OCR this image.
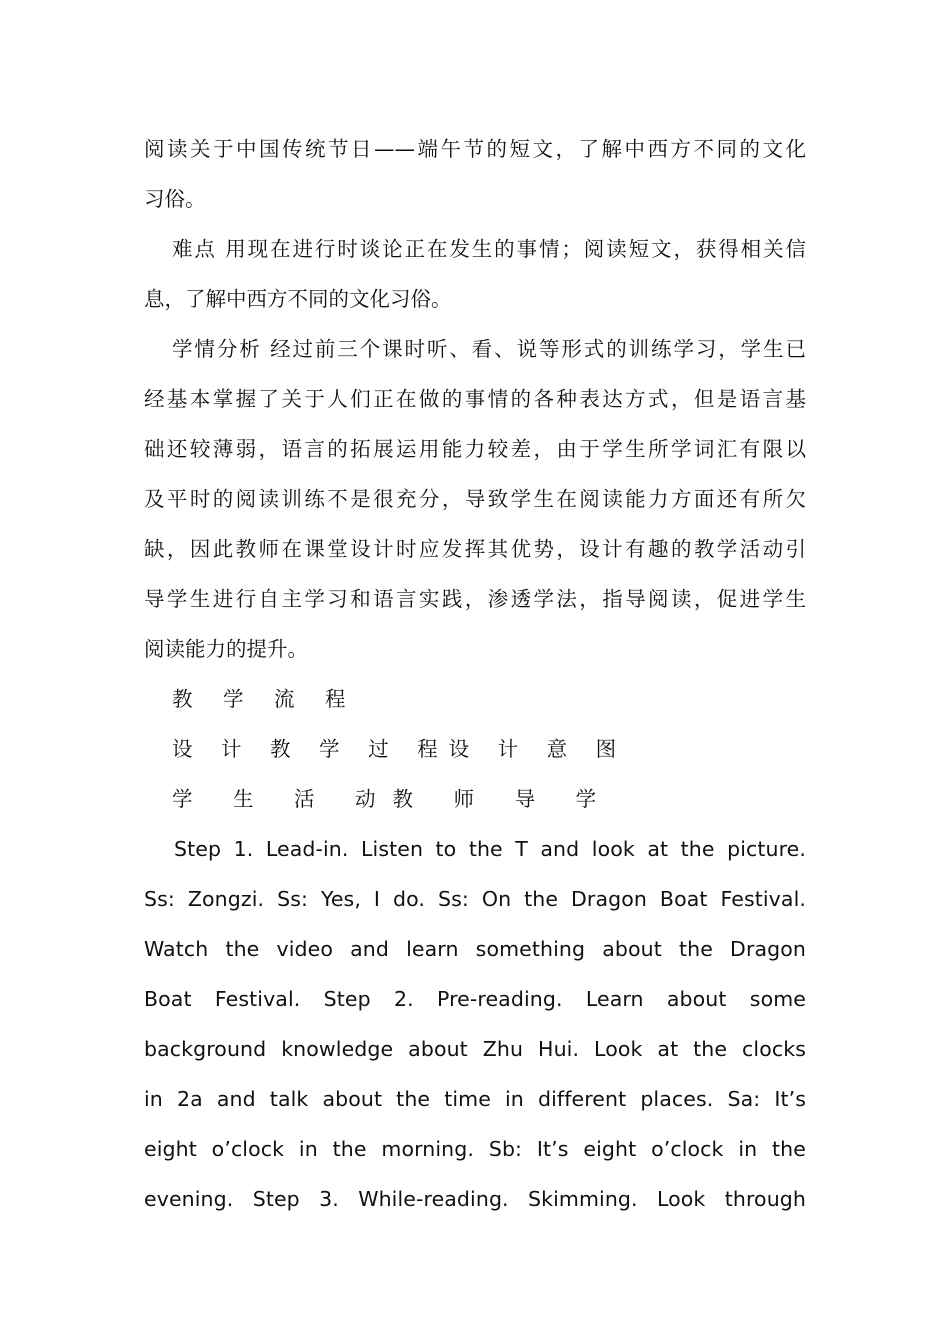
阅读关于中国传统节日——端午节的短文，了解中西方不同的文化
习俗。
难点 用现在进行时谈论正在发生的事情；阅读短文，获得相关信
息，了解中西方不同的文化习俗。
学情分析 经过前三个课时听、看、说等形式的训练学习，学生已
经基本掌握了关于人们正在做的事情的各种表达方式，但是语言基
础还较薄弱，语言的拓展运用能力较差，由于学生所学词汇有限以
及平时的阅读训练不是很充分，导致学生在阅读能力方面还有所欠
缺，因此教师在课堂设计时应发挥其优势，设计有趣的教学活动引
导学生进行自主学习和语言实践，渗透学法，指导阅读，促进学生
阅读能力的提升。
教 学 流 程
设 计 教 学 过 程设 计 意 图
学 生 活 动教 师 导 学
Step 1. Lead-in. Listen to the T and look at the picture.
Ss: Zongzi. Ss: Yes, I do. Ss: On the Dragon Boat Festival.
Watch the video and learn something about the Dragon
Boat Festival. Step 2. Pre-reading. Learn about some
background knowledge about Zhu Hui. Look at the clocks
in 2a and talk about the time in different places. Sa: It’s
eight o’clock in the morning. Sb: It’s eight o’clock in the
evening. Step 3. While-reading. Skimming. Look through
